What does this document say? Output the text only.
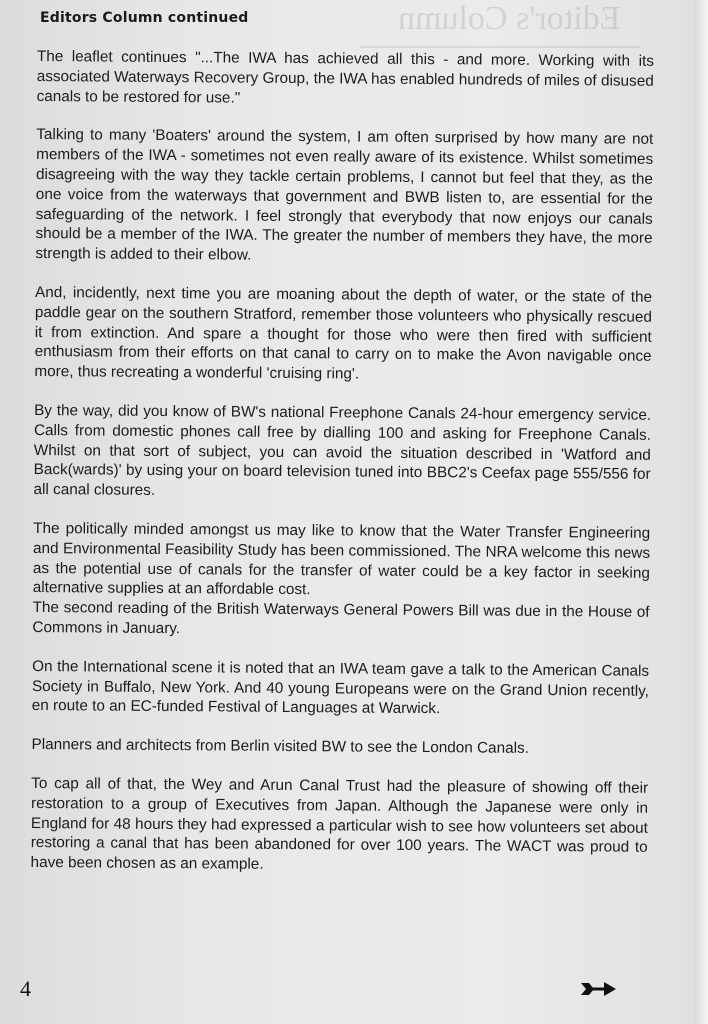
Editor's Column
Editors Column continued

The leaflet continues "...The IWA has achieved all this - and more. Working with its associated Waterways Recovery Group, the IWA has enabled hundreds of miles of disused canals to be restored for use."

Talking to many 'Boaters' around the system, I am often surprised by how many are not members of the IWA - sometimes not even really aware of its existence. Whilst sometimes disagreeing with the way they tackle certain problems, I cannot but feel that they, as the one voice from the waterways that government and BWB listen to, are essential for the safeguarding of the network. I feel strongly that everybody that now enjoys our canals should be a member of the IWA. The greater the number of members they have, the more strength is added to their elbow.

And, incidently, next time you are moaning about the depth of water, or the state of the paddle gear on the southern Stratford, remember those volunteers who physically rescued it from extinction. And spare a thought for those who were then fired with sufficient enthusiasm from their efforts on that canal to carry on to make the Avon navigable once more, thus recreating a wonderful 'cruising ring'.

By the way, did you know of BW's national Freephone Canals 24-hour emergency service. Calls from domestic phones call free by dialling 100 and asking for Freephone Canals. Whilst on that sort of subject, you can avoid the situation described in 'Watford and Back(wards)' by using your on board television tuned into BBC2's Ceefax page 555/556 for all canal closures.

The politically minded amongst us may like to know that the Water Transfer Engineering and Environmental Feasibility Study has been commissioned. The NRA welcome this news as the potential use of canals for the transfer of water could be a key factor in seeking alternative supplies at an affordable cost.
The second reading of the British Waterways General Powers Bill was due in the House of Commons in January.

On the International scene it is noted that an IWA team gave a talk to the American Canals Society in Buffalo, New York. And 40 young Europeans were on the Grand Union recently, en route to an EC-funded Festival of Languages at Warwick.

Planners and architects from Berlin visited BW to see the London Canals.

To cap all of that, the Wey and Arun Canal Trust had the pleasure of showing off their restoration to a group of Executives from Japan. Although the Japanese were only in England for 48 hours they had expressed a particular wish to see how volunteers set about restoring a canal that has been abandoned for over 100 years. The WACT was proud to have been chosen as an example.

4
